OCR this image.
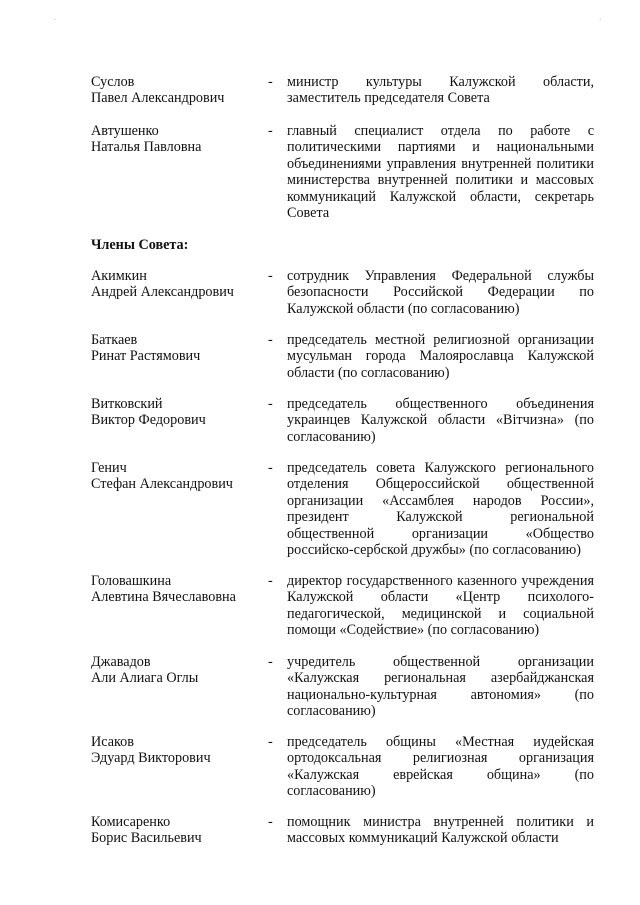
·	·
Суслов
Павел Александрович
-	министр культуры Калужской области, заместитель председателя Совета
Автушенко
Наталья Павловна
-	главный специалист отдела по работе с политическими партиями и национальными объединениями управления внутренней политики министерства внутренней политики и массовых коммуникаций Калужской области, секретарь Совета
Члены Совета:
Акимкин
Андрей Александрович
-	сотрудник Управления Федеральной службы безопасности Российской Федерации по Калужской области (по согласованию)
Баткаев
Ринат Растямович
-	председатель местной религиозной организации мусульман города Малоярославца Калужской области (по согласованию)
Витковский
Виктор Федорович
-	председатель общественного объединения украинцев Калужской области «Вiтчизна» (по согласованию)
Генич
Стефан Александрович
-	председатель совета Калужского регионального отделения Общероссийской общественной организации «Ассамблея народов России», президент Калужской региональной общественной организации «Общество российско-сербской дружбы» (по согласованию)
Головашкина
Алевтина Вячеславовна
-	директор государственного казенного учреждения Калужской области «Центр психолого-педагогической, медицинской и социальной помощи «Содействие» (по согласованию)
Джавадов
Али Алиага Оглы
-	учредитель общественной организации «Калужская региональная азербайджанская национально-культурная автономия» (по согласованию)
Исаков
Эдуард Викторович
-	председатель общины «Местная иудейская ортодоксальная религиозная организация «Калужская еврейская община» (по согласованию)
Комисаренко
Борис Васильевич
-	помощник министра внутренней политики и массовых коммуникаций Калужской области
